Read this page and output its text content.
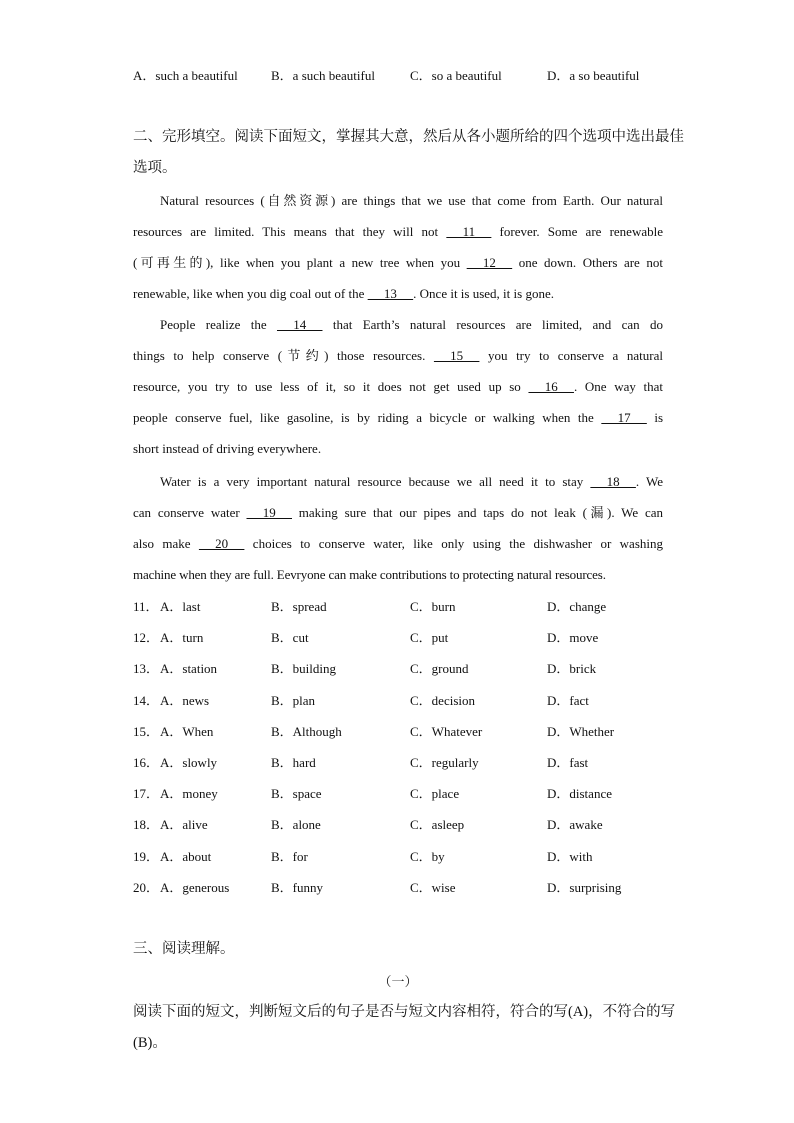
A．such a beautiful	B．a such beautiful	C．so a beautiful	D．a so beautiful
二、完形填空。阅读下面短文，掌握其大意，然后从各小题所给的四个选项中选出最佳
选项。
Natural resources (自然资源) are things that we use that come from Earth. Our natural
resources are limited. This means that they will not      11      forever. Some are renewable
(可再生的), like when you plant a new tree when you      12      one down. Others are not
renewable, like when you dig coal out of the      13     . Once it is used, it is gone.
People realize the      14      that Earth’s natural resources are limited, and can do
things to help conserve (节约) those resources.      15      you try to conserve a natural
resource, you try to use less of it, so it does not get used up so      16     . One way that
people conserve fuel, like gasoline, is by riding a bicycle or walking when the      17      is
short instead of driving everywhere.
Water is a very important natural resource because we all need it to stay      18     . We
can conserve water      19      making sure that our pipes and taps do not leak (漏). We can
also make      20      choices to conserve water, like only using the dishwasher or washing
machine when they are full. Eevryone can make contributions to protecting natural resources.
11． A．last	B．spread	C．burn	D．change
12． A．turn	B．cut	C．put	D．move
13． A．station	B．building	C．ground	D．brick
14． A．news	B．plan	C．decision	D．fact
15． A．When	B．Although	C．Whatever	D．Whether
16． A．slowly	B．hard	C．regularly	D．fast
17． A．money	B．space	C．place	D．distance
18． A．alive	B．alone	C．asleep	D．awake
19． A．about	B．for	C．by	D．with
20． A．generous	B．funny	C．wise	D．surprising
三、阅读理解。
（一）
阅读下面的短文，判断短文后的句子是否与短文内容相符，符合的写(A)，不符合的写
(B)。
